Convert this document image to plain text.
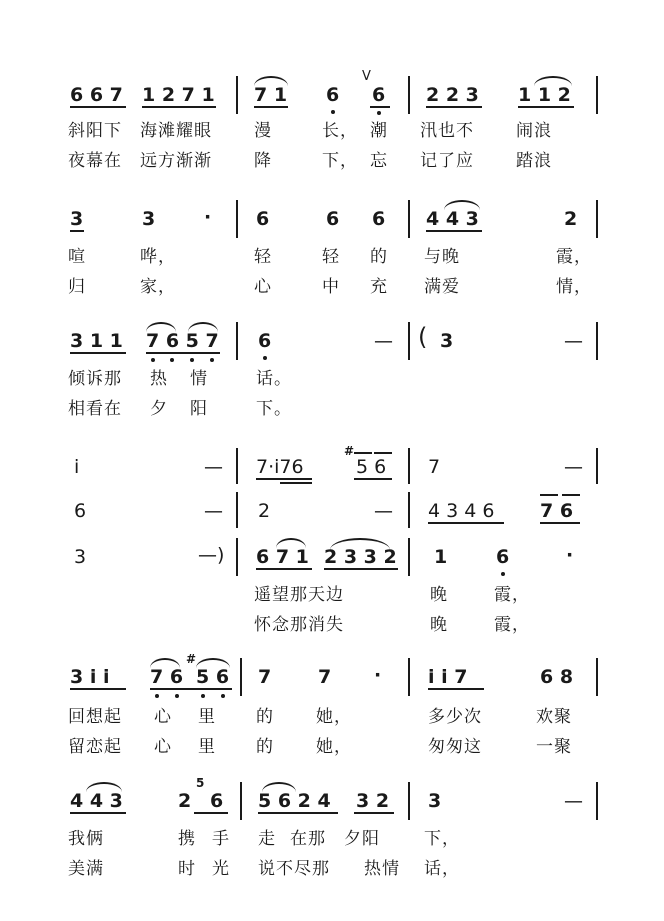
6 6 7 1 2 7 1 7 1 6
V
6 2 2 3 1 1 2
斜阳下 海滩耀眼 漫	长， 潮 汛也不 闹浪
夜幕在 远方渐渐 降	下， 忘 记了应 踏浪
3	3	· 6	6 6 4 4 3	2
喧	哗，	轻	轻 的 与晚	霞，
归	家，	心	中 充 满爱	情，
3 1 1 7 6 5 7 6	— ( 3	—
倾诉那 热 情	话。
相看在 夕 阳	下。
i	— 7·i76
#
5 6 7	—
6	— 2	— 4 3 4 6 7 6
3	—) 6 7 1 2 3 3 2 1	6	·
遥望那天边	晚	霞，
怀念那消失	晚	霞，
3 i i 7 6
#
5 6 7 7 · i i 7	6 8
回想起 心 里 的 她，	多少次	欢聚
留恋起 心 里 的 她，	匆匆这	一聚
4 4 3	2
5
6 5 6 2 4 3 2 3	—
我俩	携 手 走 在那 夕阳	下，
美满	时 光 说不尽那 热情 话，
